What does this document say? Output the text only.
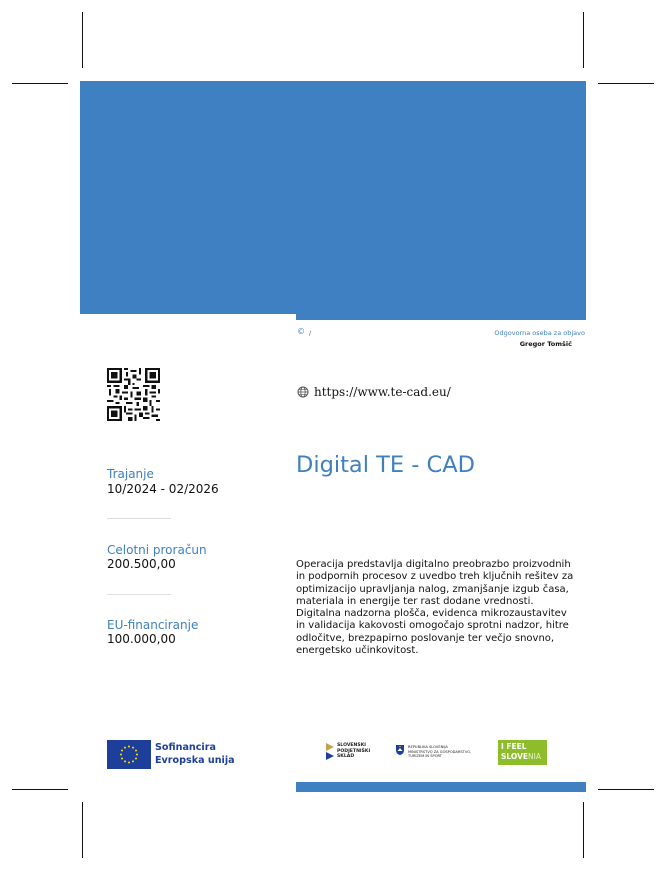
© /	Odgovorna oseba za objavo
Gregor Tomšič
https://www.te-cad.eu/
Trajanje
10/2024 - 02/2026
Celotni proračun
200.500,00
EU-financiranje
100.000,00
Digital TE - CAD
Operacija predstavlja digitalno preobrazbo proizvodnih in podpornih procesov z uvedbo treh ključnih rešitev za optimizacijo upravljanja nalog, zmanjšanje izgub časa, materiala in energije ter rast dodane vrednosti. Digitalna nadzorna plošča, evidenca mikrozaustavitev in validacija kakovosti omogočajo sprotni nadzor, hitre odločitve, brezpapirno poslovanje ter večjo snovno, energetsko učinkovitost.
Sofinancira
Evropska unija
SLOVENSKI
PODJETNIŠKI
SKLAD
REPUBLIKA SLOVENIJA
MINISTRSTVO ZA GOSPODARSTVO,
TURIZEM IN ŠPORT
I FEEL
SLOVENIA
